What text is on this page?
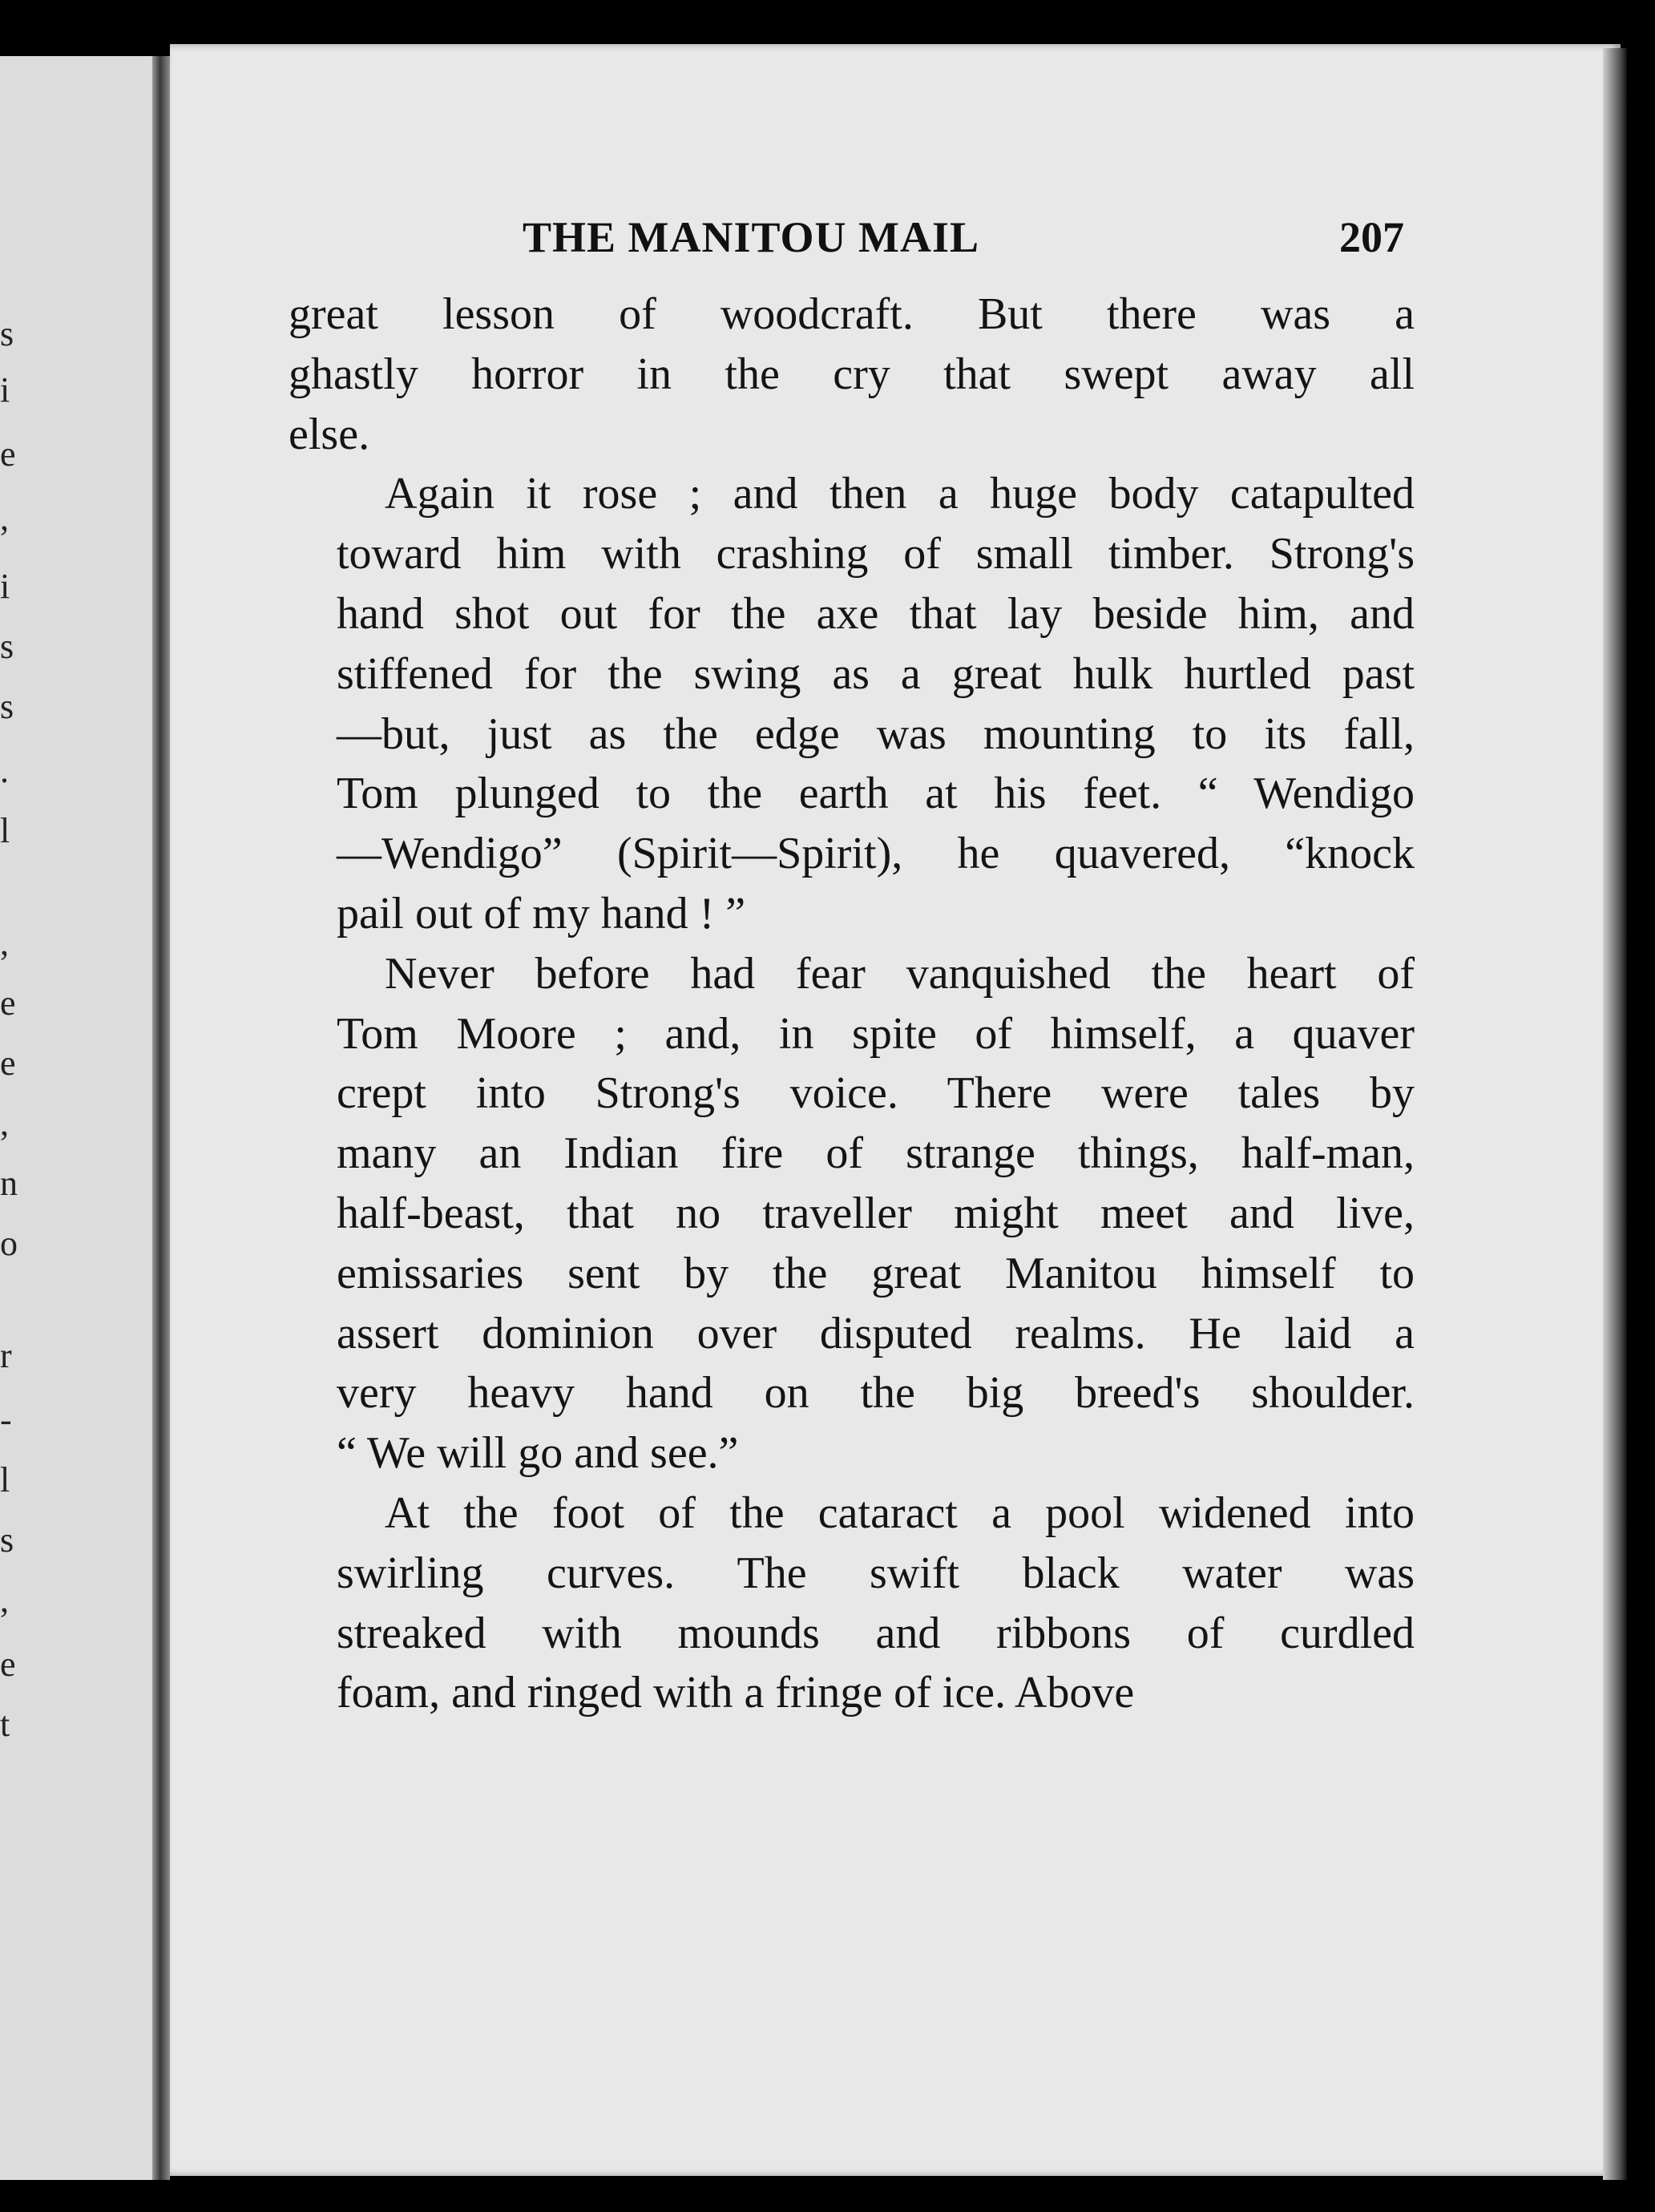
s
i
e
,
i
s
s
.
l
,
e
e
,
n
o
r
-
l
s
,
e
t
THE MANITOU MAIL	207

great lesson of woodcraft. But there was a
ghastly horror in the cry that swept away all
else.

Again it rose ; and then a huge body catapulted
toward him with crashing of small timber. Strong's
hand shot out for the axe that lay beside him, and
stiffened for the swing as a great hulk hurtled past
—but, just as the edge was mounting to its fall,
Tom plunged to the earth at his feet. “ Wendigo
—Wendigo” (Spirit—Spirit), he quavered, “knock
pail out of my hand ! ”

Never before had fear vanquished the heart of
Tom Moore ; and, in spite of himself, a quaver
crept into Strong's voice. There were tales by
many an Indian fire of strange things, half-man,
half-beast, that no traveller might meet and live,
emissaries sent by the great Manitou himself to
assert dominion over disputed realms. He laid a
very heavy hand on the big breed's shoulder.
“ We will go and see.”

At the foot of the cataract a pool widened into
swirling curves. The swift black water was
streaked with mounds and ribbons of curdled
foam, and ringed with a fringe of ice. Above
